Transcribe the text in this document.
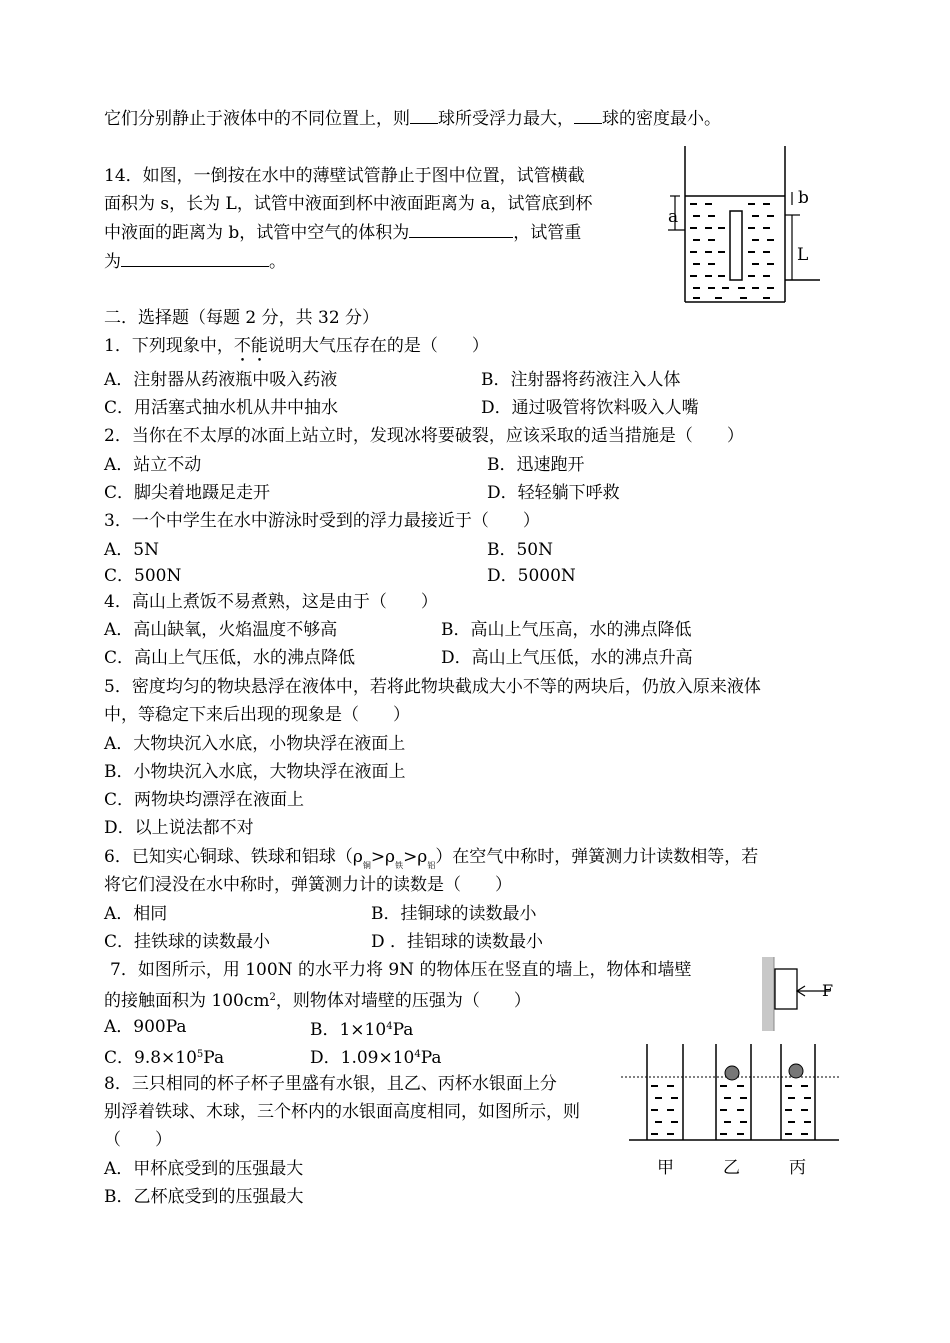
它们分别静止于液体中的不同位置上，则 球所受浮力最大， 球的密度最小。
14．如图，一倒按在水中的薄壁试管静止于图中位置，试管横截
面积为 s，长为 L，试管中液面到杯中液面距离为 a，试管底到杯
中液面的距离为 b，试管中空气的体积为	，试管重
为	。
a
b
L
二．选择题（每题 2 分，共 32 分）
1．下列现象中，不能说明大气压存在的是（　　）
A．注射器从药液瓶中吸入药液	B．注射器将药液注入人体
C．用活塞式抽水机从井中抽水	D．通过吸管将饮料吸入人嘴
2．当你在不太厚的冰面上站立时，发现冰将要破裂，应该采取的适当措施是（　　）
A．站立不动	B．迅速跑开
C．脚尖着地蹑足走开	D．轻轻躺下呼救
3．一个中学生在水中游泳时受到的浮力最接近于（　　）
A．5N	B．50N
C．500N	D．5000N
4．高山上煮饭不易煮熟，这是由于（　　）
A．高山缺氧，火焰温度不够高	B．高山上气压高，水的沸点降低
C．高山上气压低，水的沸点降低	D．高山上气压低，水的沸点升高
5．密度均匀的物块悬浮在液体中，若将此物块截成大小不等的两块后，仍放入原来液体
中，等稳定下来后出现的现象是（　　）
A．大物块沉入水底，小物块浮在液面上
B．小物块沉入水底，大物块浮在液面上
C．两物块均漂浮在液面上
D．以上说法都不对
6．已知实心铜球、铁球和铝球$(\rho_铜>\rho_铁>\rho_铝)$在空气中称时，弹簧测力计读数相等，若
将它们浸没在水中称时，弹簧测力计的读数是（　　）
A．相同	B．挂铜球的读数最小
C．挂铁球的读数最小	D ．挂铝球的读数最小
7．如图所示，用 100N 的水平力将 9N 的物体压在竖直的墙上，物体和墙壁
的接触面积为 $100cm^2$，则物体对墙壁的压强为（　　）
A．900Pa	B．$1\times 10^4Pa$
C．$9.8\times 10^5Pa$	D．$1.09\times 10^4Pa$
F
8．三只相同的杯子杯子里盛有水银，且乙、丙杯水银面上分
别浮着铁球、木球，三个杯内的水银面高度相同，如图所示，则
（　　）
A．甲杯底受到的压强最大
B．乙杯底受到的压强最大
甲	乙	丙
